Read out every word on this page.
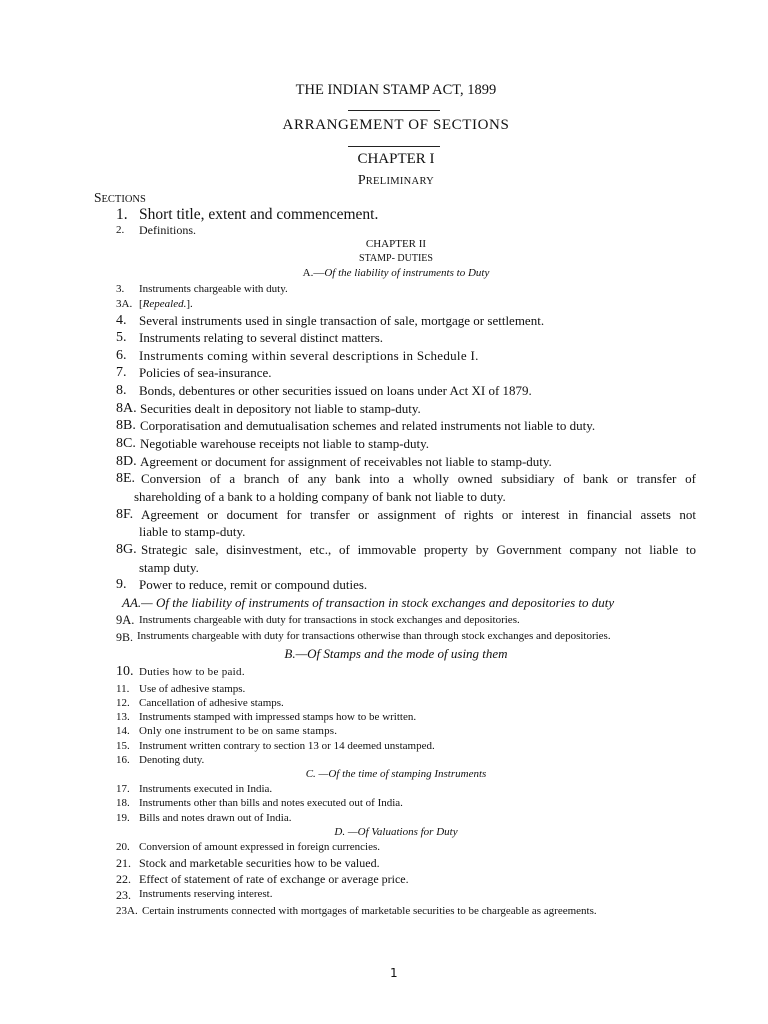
THE INDIAN STAMP ACT, 1899
ARRANGEMENT OF SECTIONS
CHAPTER I
PRELIMINARY
SECTIONS
1. Short title, extent and commencement.
2. Definitions.
CHAPTER II
STAMP- DUTIES
A.—Of the liability of instruments to Duty
3. Instruments chargeable with duty.
3A. [Repealed.].
4. Several instruments used in single transaction of sale, mortgage or settlement.
5. Instruments relating to several distinct matters.
6. Instruments coming within several descriptions in Schedule I.
7. Policies of sea-insurance.
8. Bonds, debentures or other securities issued on loans under Act XI of 1879.
8A. Securities dealt in depository not liable to stamp-duty.
8B. Corporatisation and demutualisation schemes and related instruments not liable to duty.
8C. Negotiable warehouse receipts not liable to stamp-duty.
8D. Agreement or document for assignment of receivables not liable to stamp-duty.
8E. Conversion of a branch of any bank into a wholly owned subsidiary of bank or transfer of
shareholding of a bank to a holding company of bank not liable to duty.
8F. Agreement or document for transfer or assignment of rights or interest in financial assets not
liable to stamp-duty.
8G. Strategic sale, disinvestment, etc., of immovable property by Government company not liable to
stamp duty.
9. Power to reduce, remit or compound duties.
AA.— Of the liability of instruments of transaction in stock exchanges and depositories to duty
9A. Instruments chargeable with duty for transactions in stock exchanges and depositories.
9B. Instruments chargeable with duty for transactions otherwise than through stock exchanges and depositories.
B.—Of Stamps and the mode of using them
10. Duties how to be paid.
11. Use of adhesive stamps.
12. Cancellation of adhesive stamps.
13. Instruments stamped with impressed stamps how to be written.
14. Only one instrument to be on same stamps.
15. Instrument written contrary to section 13 or 14 deemed unstamped.
16. Denoting duty.
C. —Of the time of stamping Instruments
17. Instruments executed in India.
18. Instruments other than bills and notes executed out of India.
19. Bills and notes drawn out of India.
D. —Of Valuations for Duty
20. Conversion of amount expressed in foreign currencies.
21. Stock and marketable securities how to be valued.
22. Effect of statement of rate of exchange or average price.
23. Instruments reserving interest.
23A. Certain instruments connected with mortgages of marketable securities to be chargeable as agreements.
1
